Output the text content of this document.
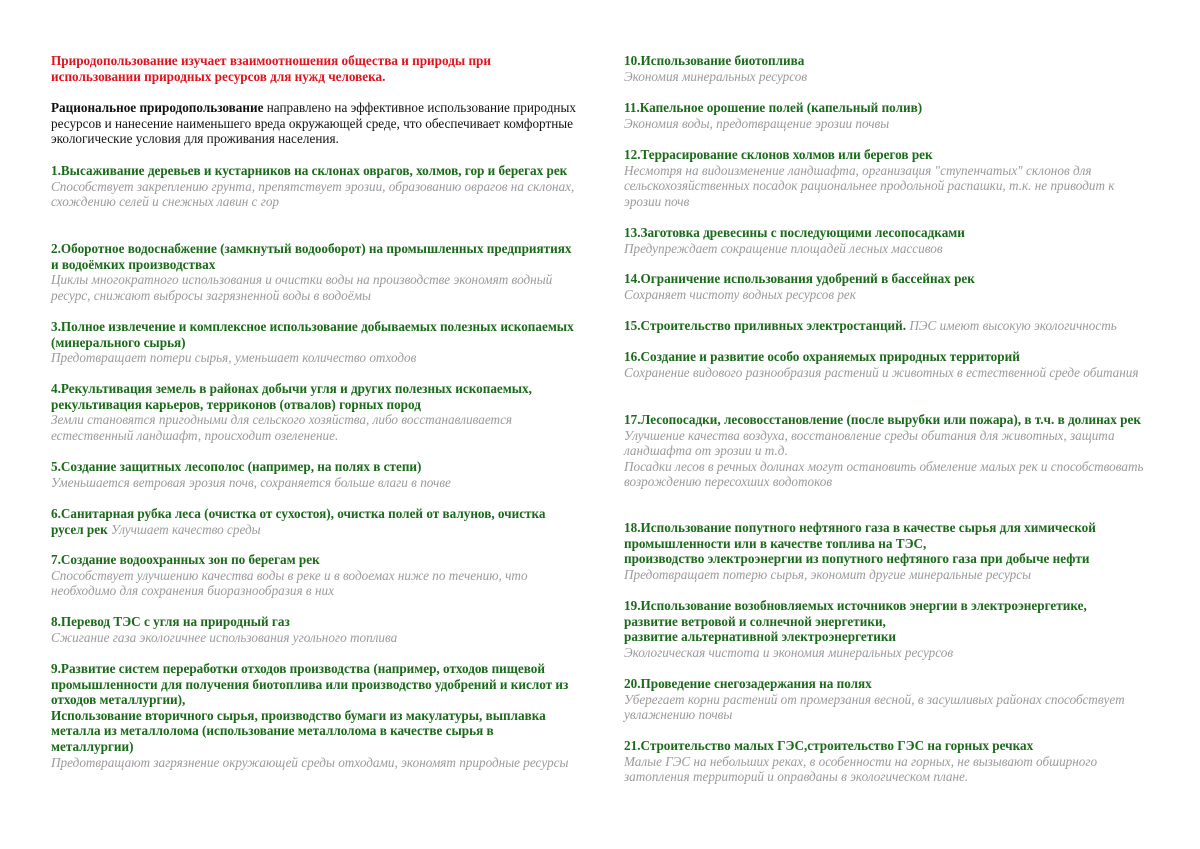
Природопользование изучает взаимоотношения общества и природы при использовании природных ресурсов для нужд человека.

Рациональное природопользование направлено на эффективное использование природных ресурсов и нанесение наименьшего вреда окружающей среде, что обеспечивает комфортные экологические условия для проживания населения.

1.Высаживание деревьев и кустарников на склонах оврагов, холмов, гор и берегах рек

Способствует закреплению грунта, препятствует эрозии, образованию оврагов на склонах, схождению селей и снежных лавин с гор

2.Оборотное водоснабжение (замкнутый водооборот) на промышленных предприятиях и водоёмких производствах

Циклы многократного использования и очистки воды на производстве экономят водный ресурс, снижают выбросы загрязненной воды в водоёмы

3.Полное извлечение и комплексное использование добываемых полезных ископаемых (минерального сырья)

Предотвращает потери сырья, уменьшает количество отходов

4.Рекультивация земель в районах добычи угля и других полезных ископаемых, рекультивация карьеров, терриконов (отвалов) горных пород

Земли становятся пригодными для сельского хозяйства, либо восстанавливается естественный ландшафт, происходит озеленение.

5.Создание защитных лесополос (например, на полях в степи)

Уменьшается ветровая эрозия почв, сохраняется больше влаги в почве

6.Санитарная рубка леса (очистка от сухостоя), очистка полей от валунов, очистка русел рек Улучшает качество среды

7.Создание водоохранных зон по берегам рек

Способствует улучшению качества воды в реке и в водоемах ниже по течению, что необходимо для сохранения биоразнообразия в них

8.Перевод ТЭС с угля на природный газ

Сжигание газа экологичнее использования угольного топлива

9.Развитие систем переработки отходов производства (например, отходов пищевой промышленности для получения биотоплива или производство удобрений и кислот из отходов металлургии),

Использование вторичного сырья, производство бумаги из макулатуры, выплавка металла из металлолома (использование металлолома в качестве сырья в металлургии)

Предотвращают загрязнение окружающей среды отходами, экономят природные ресурсы

10.Использование биотоплива

Экономия минеральных ресурсов

11.Капельное орошение полей (капельный полив)

Экономия воды, предотвращение эрозии почвы

12.Террасирование склонов холмов или берегов рек

Несмотря на видоизменение ландшафта, организация "ступенчатых" склонов для сельскохозяйственных посадок рациональнее продольной распашки, т.к. не приводит к эрозии почв

13.Заготовка древесины с последующими лесопосадками

Предупреждает сокращение площадей лесных массивов

14.Ограничение использования удобрений в бассейнах рек

Сохраняет чистоту водных ресурсов рек

15.Строительство приливных электростанций. ПЭС имеют высокую экологичность

16.Создание и развитие особо охраняемых природных территорий

Сохранение видового разнообразия растений и животных в естественной среде обитания

17.Лесопосадки, лесовосстановление (после вырубки или пожара), в т.ч. в долинах рек

Улучшение качества воздуха, восстановление среды обитания для животных, защита ландшафта от эрозии и т.д.

Посадки лесов в речных долинах могут остановить обмеление малых рек и способствовать возрождению пересохших водотоков

18.Использование попутного нефтяного газа в качестве сырья для химической промышленности или в качестве топлива на ТЭС,

производство электроэнергии из попутного нефтяного газа при добыче нефти

Предотвращает потерю сырья, экономит другие минеральные ресурсы

19.Использование возобновляемых источников энергии в электроэнергетике,

развитие ветровой и солнечной энергетики,

развитие альтернативной электроэнергетики

Экологическая чистота и экономия минеральных ресурсов

20.Проведение снегозадержания на полях

Уберегает корни растений от промерзания весной, в засушливых районах способствует увлажнению почвы

21.Строительство малых ГЭС,строительство ГЭС на горных речках

Малые ГЭС на небольших реках, в особенности на горных, не вызывают обширного затопления территорий и оправданы в экологическом плане.
